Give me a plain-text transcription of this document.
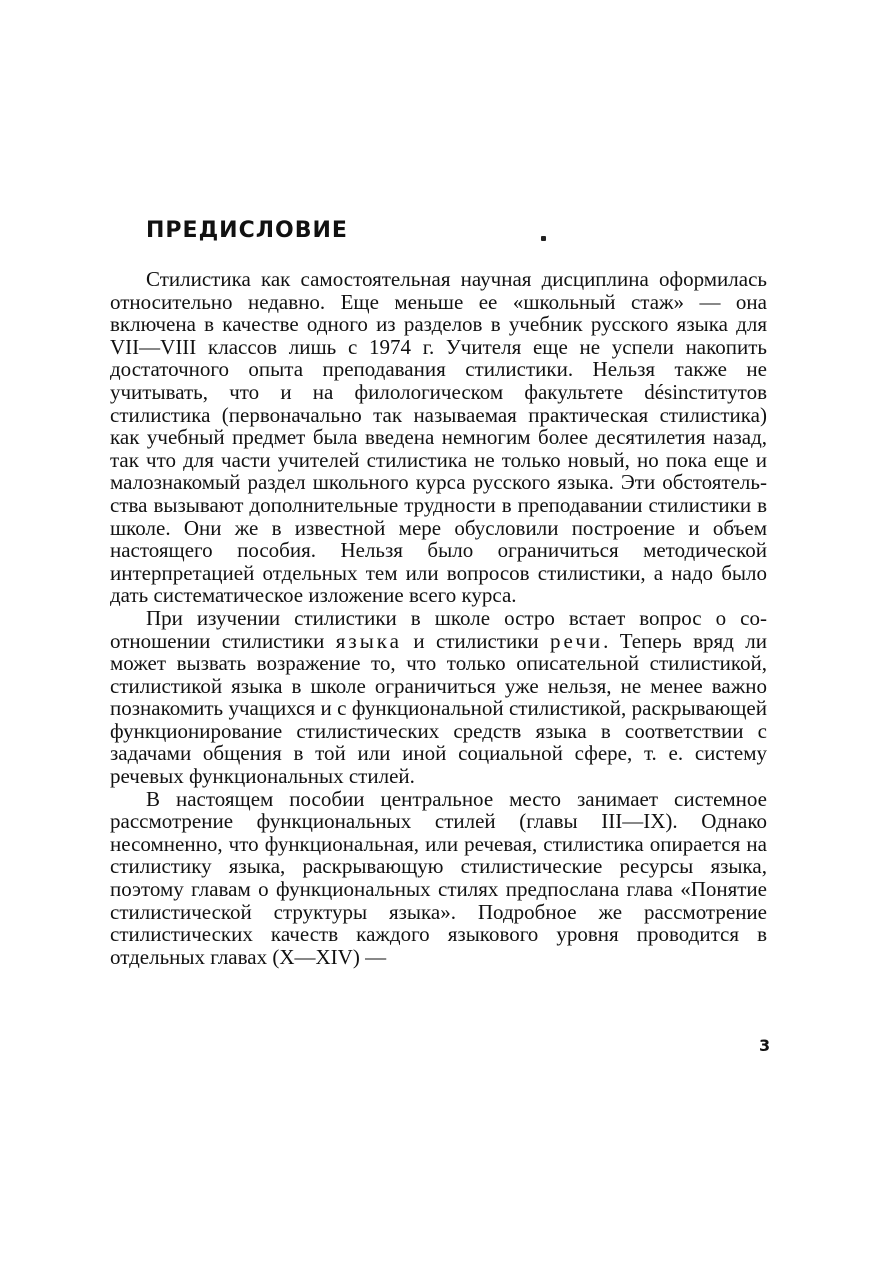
ПРЕДИСЛОВИЕ

Стилистика как самостоятельная научная дисциплина оформилась относительно недавно. Еще меньше ее «школьный стаж» — она включена в качестве одного из разделов в учебник русского языка для VII—VIII классов лишь с 1974 г. Учителя еще не успели накопить достаточного опыта преподавания стилистики. Нельзя также не учитывать, что и на филологическом факультете désinститутов стилистика (первоначально так называемая практическая стилистика) как учебный предмет была введена немногим более десятилетия назад, так что для части учителей стилистика не только новый, но пока еще и малознакомый раздел школьного курса русского языка. Эти обстоятельства вызывают дополнительные трудности в преподавании стилистики в школе. Они же в известной мере обусловили построение и объем настоящего пособия. Нельзя было ограничиться методической интерпретацией отдельных тем или вопросов стилистики, а надо было дать систематическое изложение всего курса.

При изучении стилистики в школе остро встает вопрос о соотношении стилистики языка и стилистики речи. Теперь вряд ли может вызвать возражение то, что только описательной стилистикой, стилистикой языка в школе ограничиться уже нельзя, не менее важно познакомить учащихся и с функциональной стилистикой, раскрывающей функционирование стилистических средств языка в соответствии с задачами общения в той или иной социальной сфере, т. е. систему речевых функциональных стилей.

В настоящем пособии центральное место занимает системное рассмотрение функциональных стилей (главы III—IX). Однако несомненно, что функциональная, или речевая, стилистика опирается на стилистику языка, раскрывающую стилистические ресурсы языка, поэтому главам о функциональных стилях предпослана глава «Понятие стилистической структуры языка». Подробное же рассмотрение стилистических качеств каждого языкового уровня проводится в отдельных главах (X—XIV) —

3
